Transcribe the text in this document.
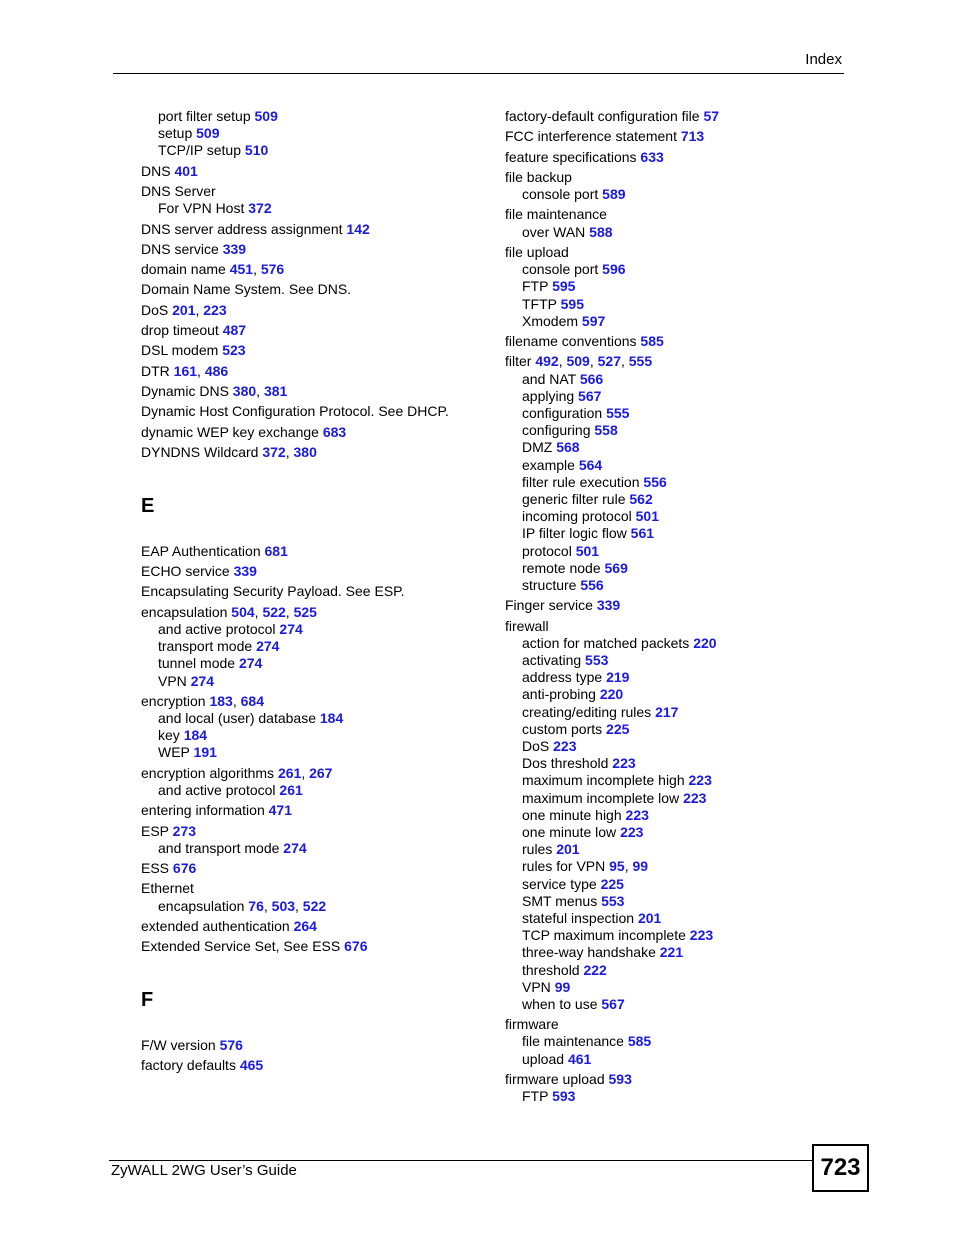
Index
port filter setup 509
setup 509
TCP/IP setup 510
DNS 401
DNS Server
For VPN Host 372
DNS server address assignment 142
DNS service 339
domain name 451, 576
Domain Name System. See DNS.
DoS 201, 223
drop timeout 487
DSL modem 523
DTR 161, 486
Dynamic DNS 380, 381
Dynamic Host Configuration Protocol. See DHCP.
dynamic WEP key exchange 683
DYNDNS Wildcard 372, 380
E
EAP Authentication 681
ECHO service 339
Encapsulating Security Payload. See ESP.
encapsulation 504, 522, 525
and active protocol 274
transport mode 274
tunnel mode 274
VPN 274
encryption 183, 684
and local (user) database 184
key 184
WEP 191
encryption algorithms 261, 267
and active protocol 261
entering information 471
ESP 273
and transport mode 274
ESS 676
Ethernet
encapsulation 76, 503, 522
extended authentication 264
Extended Service Set, See ESS 676
F
F/W version 576
factory defaults 465
factory-default configuration file 57
FCC interference statement 713
feature specifications 633
file backup
console port 589
file maintenance
over WAN 588
file upload
console port 596
FTP 595
TFTP 595
Xmodem 597
filename conventions 585
filter 492, 509, 527, 555
and NAT 566
applying 567
configuration 555
configuring 558
DMZ 568
example 564
filter rule execution 556
generic filter rule 562
incoming protocol 501
IP filter logic flow 561
protocol 501
remote node 569
structure 556
Finger service 339
firewall
action for matched packets 220
activating 553
address type 219
anti-probing 220
creating/editing rules 217
custom ports 225
DoS 223
Dos threshold 223
maximum incomplete high 223
maximum incomplete low 223
one minute high 223
one minute low 223
rules 201
rules for VPN 95, 99
service type 225
SMT menus 553
stateful inspection 201
TCP maximum incomplete 223
three-way handshake 221
threshold 222
VPN 99
when to use 567
firmware
file maintenance 585
upload 461
firmware upload 593
FTP 593
ZyWALL 2WG User’s Guide	723
